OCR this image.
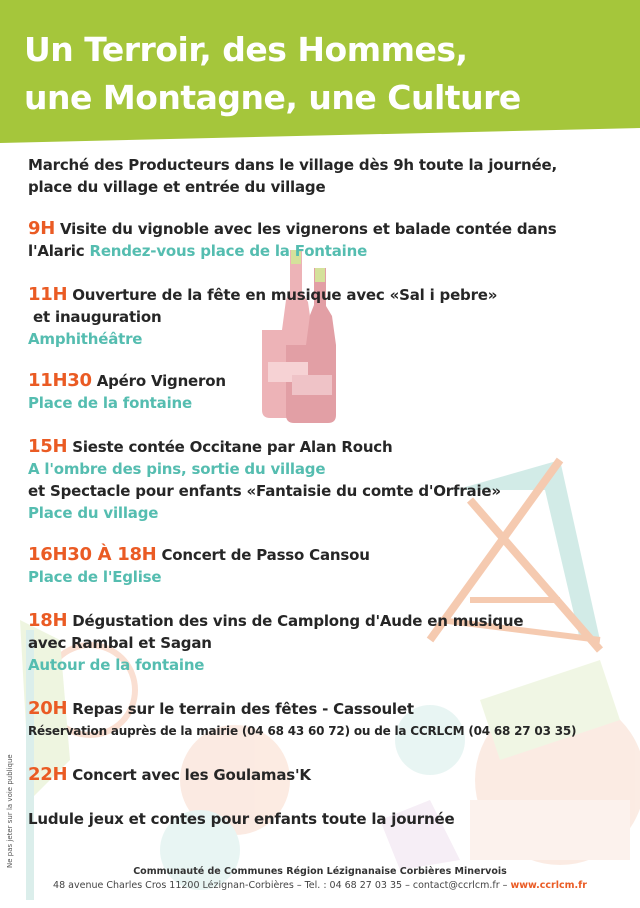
Un Terroir, des Hommes,
une Montagne, une Culture
Marché des Producteurs dans le village dès 9h toute la journée,
place du village et entrée du village
9H Visite du vignoble avec les vignerons et balade contée dans
l'Alaric Rendez-vous place de la Fontaine
11H Ouverture de la fête en musique avec «Sal i pebre»
et inauguration
Amphithéâtre
11H30 Apéro Vigneron
Place de la fontaine
15H Sieste contée Occitane par Alan Rouch
A l'ombre des pins, sortie du village
et Spectacle pour enfants «Fantaisie du comte d'Orfraie»
Place du village
16H30 À 18H Concert de Passo Cansou
Place de l'Eglise
18H Dégustation des vins de Camplong d'Aude en musique
avec Rambal et Sagan
Autour de la fontaine
20H Repas sur le terrain des fêtes - Cassoulet
Réservation auprès de la mairie (04 68 43 60 72) ou de la CCRLCM (04 68 27 03 35)
22H Concert avec les Goulamas'K
Ludule jeux et contes pour enfants toute la journée
Ne pas jeter sur la voie publique
Communauté de Communes Région Lézignanaise Corbières Minervois
48 avenue Charles Cros 11200 Lézignan-Corbières – Tel. : 04 68 27 03 35 – contact@ccrlcm.fr – www.ccrlcm.fr
